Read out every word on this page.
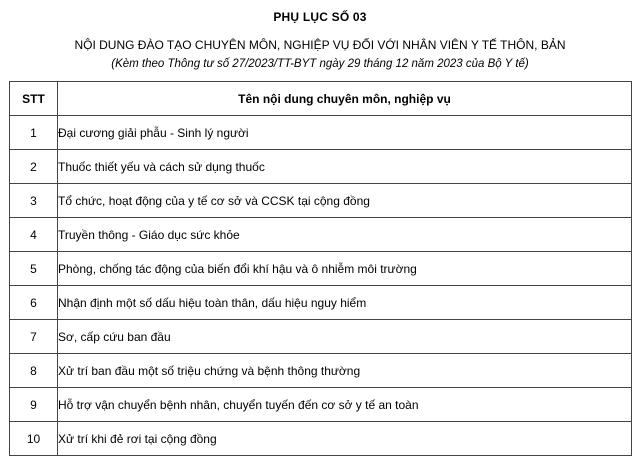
PHỤ LỤC SỐ 03
NỘI DUNG ĐÀO TẠO CHUYÊN MÔN, NGHIỆP VỤ ĐỐI VỚI NHÂN VIÊN Y TẾ THÔN, BẢN
(Kèm theo Thông tư số 27/2023/TT-BYT ngày 29 tháng 12 năm 2023 của Bộ Y tế)
STT	Tên nội dung chuyên môn, nghiệp vụ
1	Đại cương giải phẫu - Sinh lý người
2	Thuốc thiết yếu và cách sử dụng thuốc
3	Tổ chức, hoạt động của y tế cơ sở và CCSK tại cộng đồng
4	Truyền thông - Giáo dục sức khỏe
5	Phòng, chống tác động của biến đổi khí hậu và ô nhiễm môi trường
6	Nhận định một số dấu hiệu toàn thân, dấu hiệu nguy hiểm
7	Sơ, cấp cứu ban đầu
8	Xử trí ban đầu một số triệu chứng và bệnh thông thường
9	Hỗ trợ vận chuyển bệnh nhân, chuyển tuyến đến cơ sở y tế an toàn
10	Xử trí khi đẻ rơi tại cộng đồng
